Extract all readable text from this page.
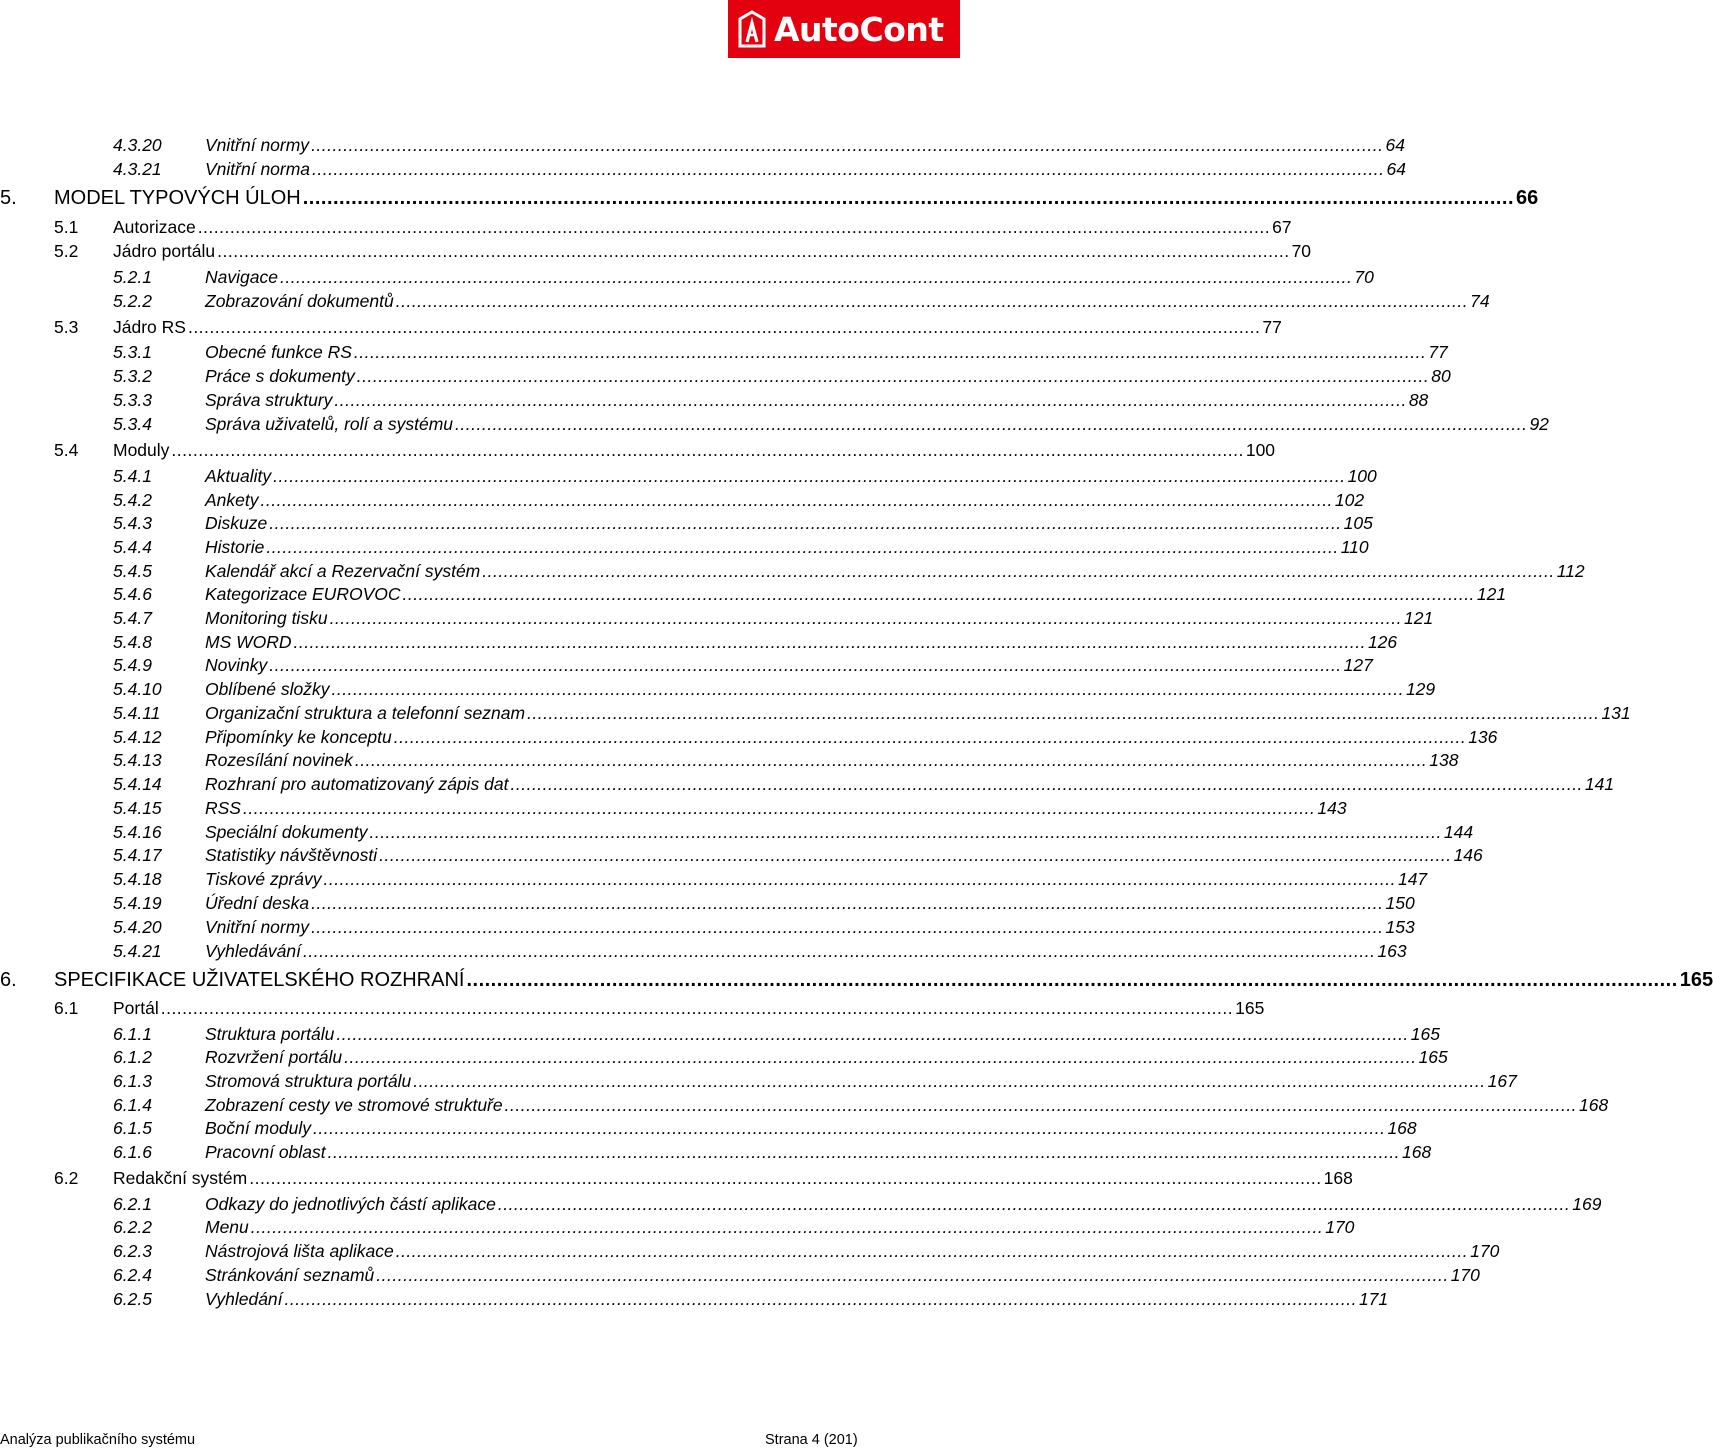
AutoCont
4.3.20 Vnitřní normy ........................................................................................................................................................................................................ 64
4.3.21 Vnitřní norma ........................................................................................................................................................................................................ 64
5. MODEL TYPOVÝCH ÚLOH ........................................................................................................................................................................................................ 66
5.1 Autorizace ........................................................................................................................................................................................................ 67
5.2 Jádro portálu ........................................................................................................................................................................................................ 70
5.2.1	Navigace ........................................................................................................................................................................................................ 70
5.2.2	Zobrazování dokumentů ........................................................................................................................................................................................................ 74
5.3 Jádro RS ........................................................................................................................................................................................................ 77
5.3.1	Obecné funkce RS ........................................................................................................................................................................................................ 77
5.3.2	Práce s dokumenty ........................................................................................................................................................................................................ 80
5.3.3	Správa struktury ........................................................................................................................................................................................................ 88
5.3.4	Správa uživatelů, rolí a systému ........................................................................................................................................................................................................ 92
5.4 Moduly ........................................................................................................................................................................................................ 100
5.4.1	Aktuality ........................................................................................................................................................................................................ 100
5.4.2	Ankety ........................................................................................................................................................................................................ 102
5.4.3	Diskuze ........................................................................................................................................................................................................ 105
5.4.4	Historie ........................................................................................................................................................................................................ 110
5.4.5	Kalendář akcí a Rezervační systém ........................................................................................................................................................................................................ 112
5.4.6	Kategorizace EUROVOC ........................................................................................................................................................................................................ 121
5.4.7	Monitoring tisku ........................................................................................................................................................................................................ 121
5.4.8	MS WORD ........................................................................................................................................................................................................ 126
5.4.9	Novinky ........................................................................................................................................................................................................ 127
5.4.10 Oblíbené složky ........................................................................................................................................................................................................ 129
5.4.11	Organizační struktura a telefonní seznam ........................................................................................................................................................................................................ 131
5.4.12 Připomínky ke konceptu ........................................................................................................................................................................................................ 136
5.4.13 Rozesílání novinek ........................................................................................................................................................................................................ 138
5.4.14 Rozhraní pro automatizovaný zápis dat ........................................................................................................................................................................................................ 141
5.4.15 RSS ........................................................................................................................................................................................................ 143
5.4.16 Speciální dokumenty ........................................................................................................................................................................................................ 144
5.4.17 Statistiky návštěvnosti ........................................................................................................................................................................................................ 146
5.4.18 Tiskové zprávy ........................................................................................................................................................................................................ 147
5.4.19 Úřední deska ........................................................................................................................................................................................................ 150
5.4.20 Vnitřní normy ........................................................................................................................................................................................................ 153
5.4.21 Vyhledávání ........................................................................................................................................................................................................ 163
6. SPECIFIKACE UŽIVATELSKÉHO ROZHRANÍ ........................................................................................................................................................................................................ 165
6.1 Portál ........................................................................................................................................................................................................ 165
6.1.1	Struktura portálu ........................................................................................................................................................................................................ 165
6.1.2	Rozvržení portálu ........................................................................................................................................................................................................ 165
6.1.3	Stromová struktura portálu ........................................................................................................................................................................................................ 167
6.1.4	Zobrazení cesty ve stromové struktuře ........................................................................................................................................................................................................ 168
6.1.5	Boční moduly ........................................................................................................................................................................................................ 168
6.1.6	Pracovní oblast ........................................................................................................................................................................................................ 168
6.2 Redakční systém ........................................................................................................................................................................................................ 168
6.2.1	Odkazy do jednotlivých částí aplikace ........................................................................................................................................................................................................ 169
6.2.2	Menu ........................................................................................................................................................................................................ 170
6.2.3	Nástrojová lišta aplikace ........................................................................................................................................................................................................ 170
6.2.4	Stránkování seznamů ........................................................................................................................................................................................................ 170
6.2.5	Vyhledání ........................................................................................................................................................................................................ 171
Analýza publikačního systému	Strana 4 (201)
